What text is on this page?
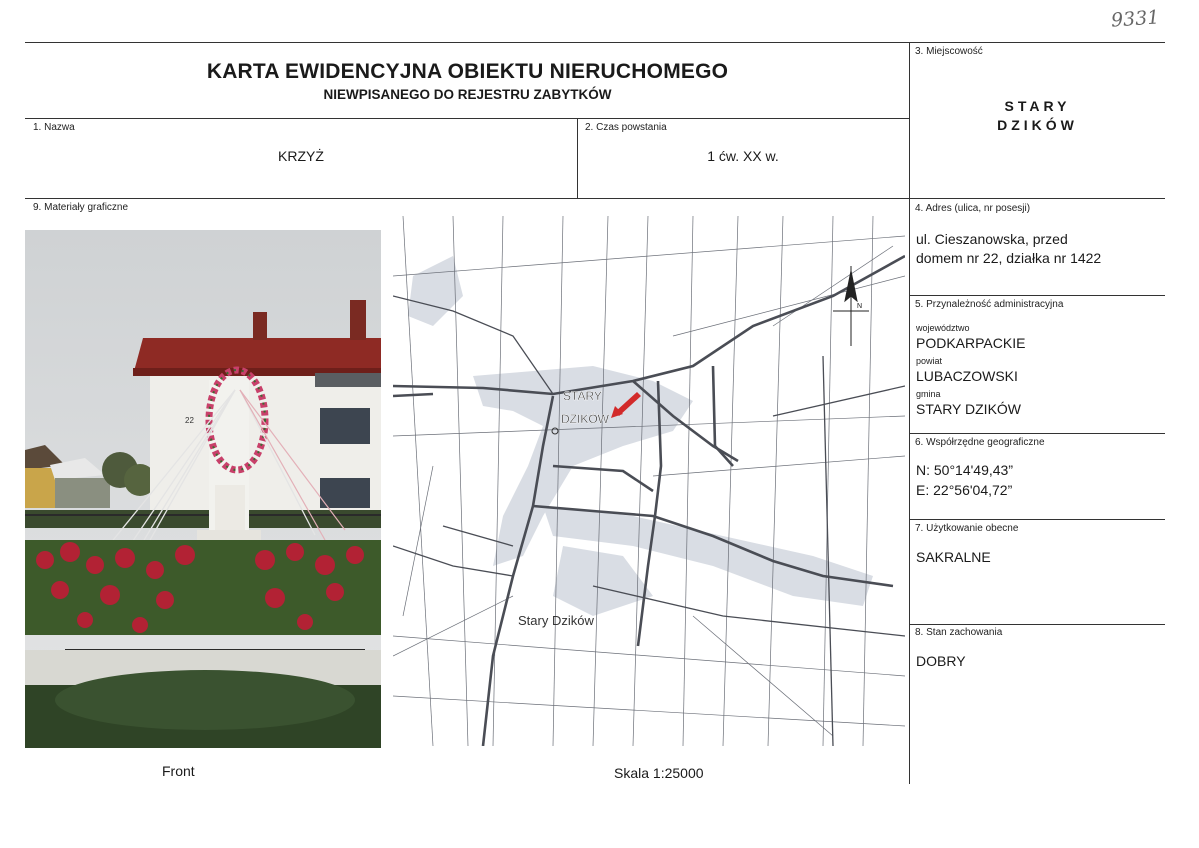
9331
KARTA EWIDENCYJNA OBIEKTU NIERUCHOMEGO
NIEWPISANEGO DO REJESTRU ZABYTKÓW
3. Miejscowość
STARY
DZIKÓW
1. Nazwa
KRZYŻ
2. Czas powstania
1 ćw. XX w.
9. Materiały graficzne	4. Adres (ulica, nr posesji)
ul. Cieszanowska, przed
domem nr 22, działka nr 1422
5. Przynależność administracyjna
województwo
PODKARPACKIE
powiat
LUBACZOWSKI
gmina
STARY DZIKÓW
6. Współrzędne geograficzne
N: 50°14'49,43”
E: 22°56'04,72”
7. Użytkowanie obecne
SAKRALNE
8. Stan zachowania
DOBRY
22
Front
STARY
DZIKÓW
Stary Dzików
N
Skala 1:25000
